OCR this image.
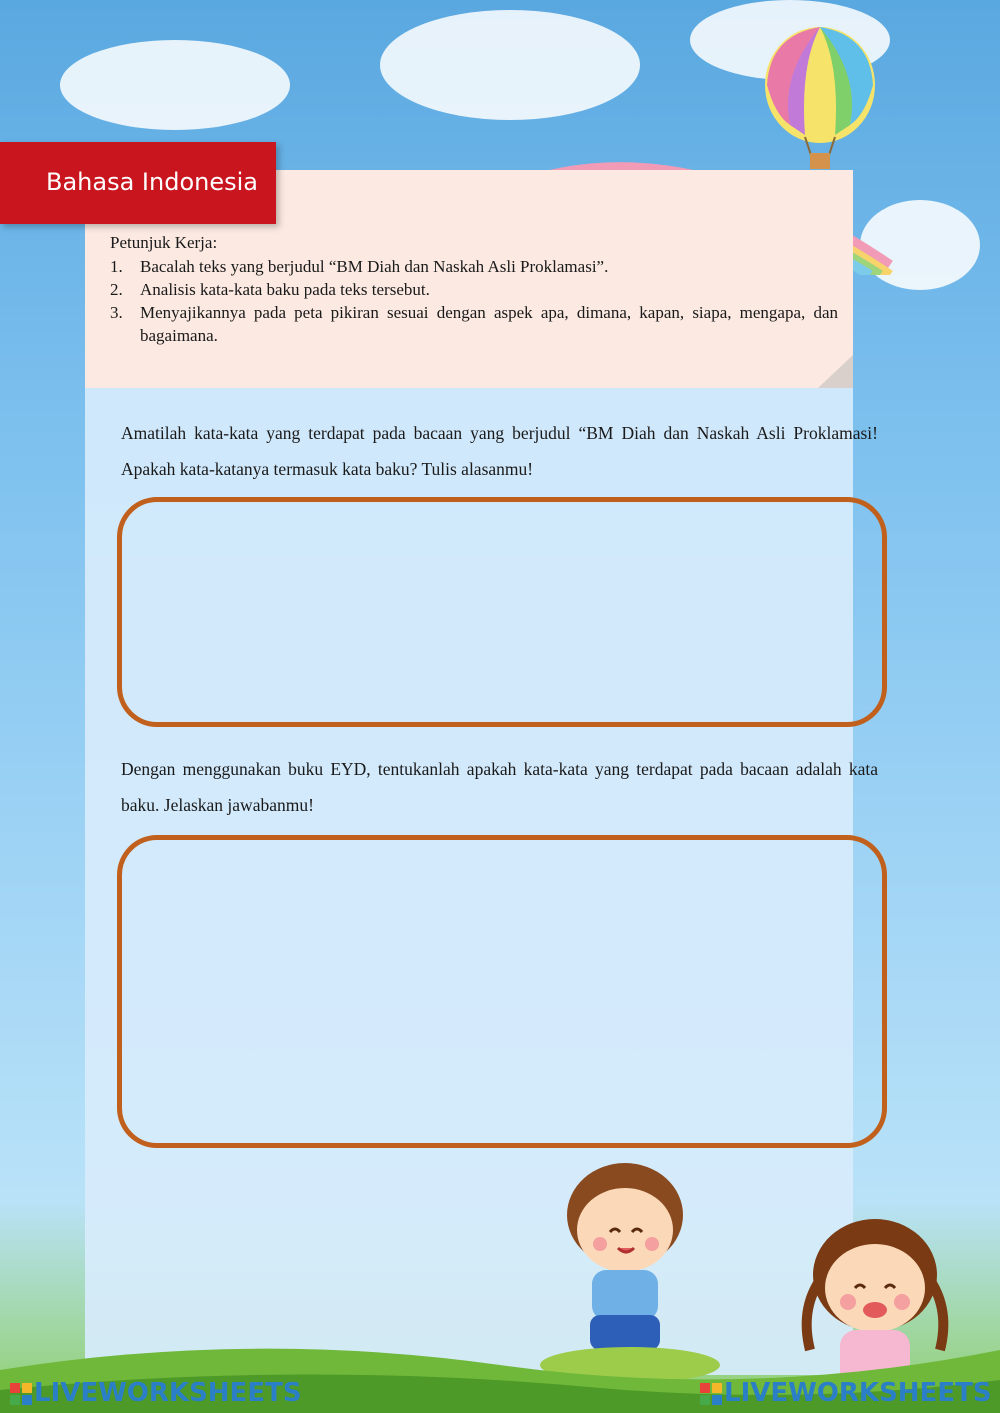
Bahasa Indonesia
Petunjuk Kerja:
1. Bacalah teks yang berjudul “BM Diah dan Naskah Asli Proklamasi”.
2. Analisis kata-kata baku pada teks tersebut.
3. Menyajikannya pada peta pikiran sesuai dengan aspek apa, dimana, kapan, siapa, mengapa, dan bagaimana.
Amatilah kata-kata yang terdapat pada bacaan yang berjudul “BM Diah dan Naskah Asli Proklamasi! Apakah kata-katanya termasuk kata baku? Tulis alasanmu!
Dengan menggunakan buku EYD, tentukanlah apakah kata-kata yang terdapat pada bacaan adalah kata baku. Jelaskan jawabanmu!
LIVEWORKSHEETS	LIVEWORKSHEETS
